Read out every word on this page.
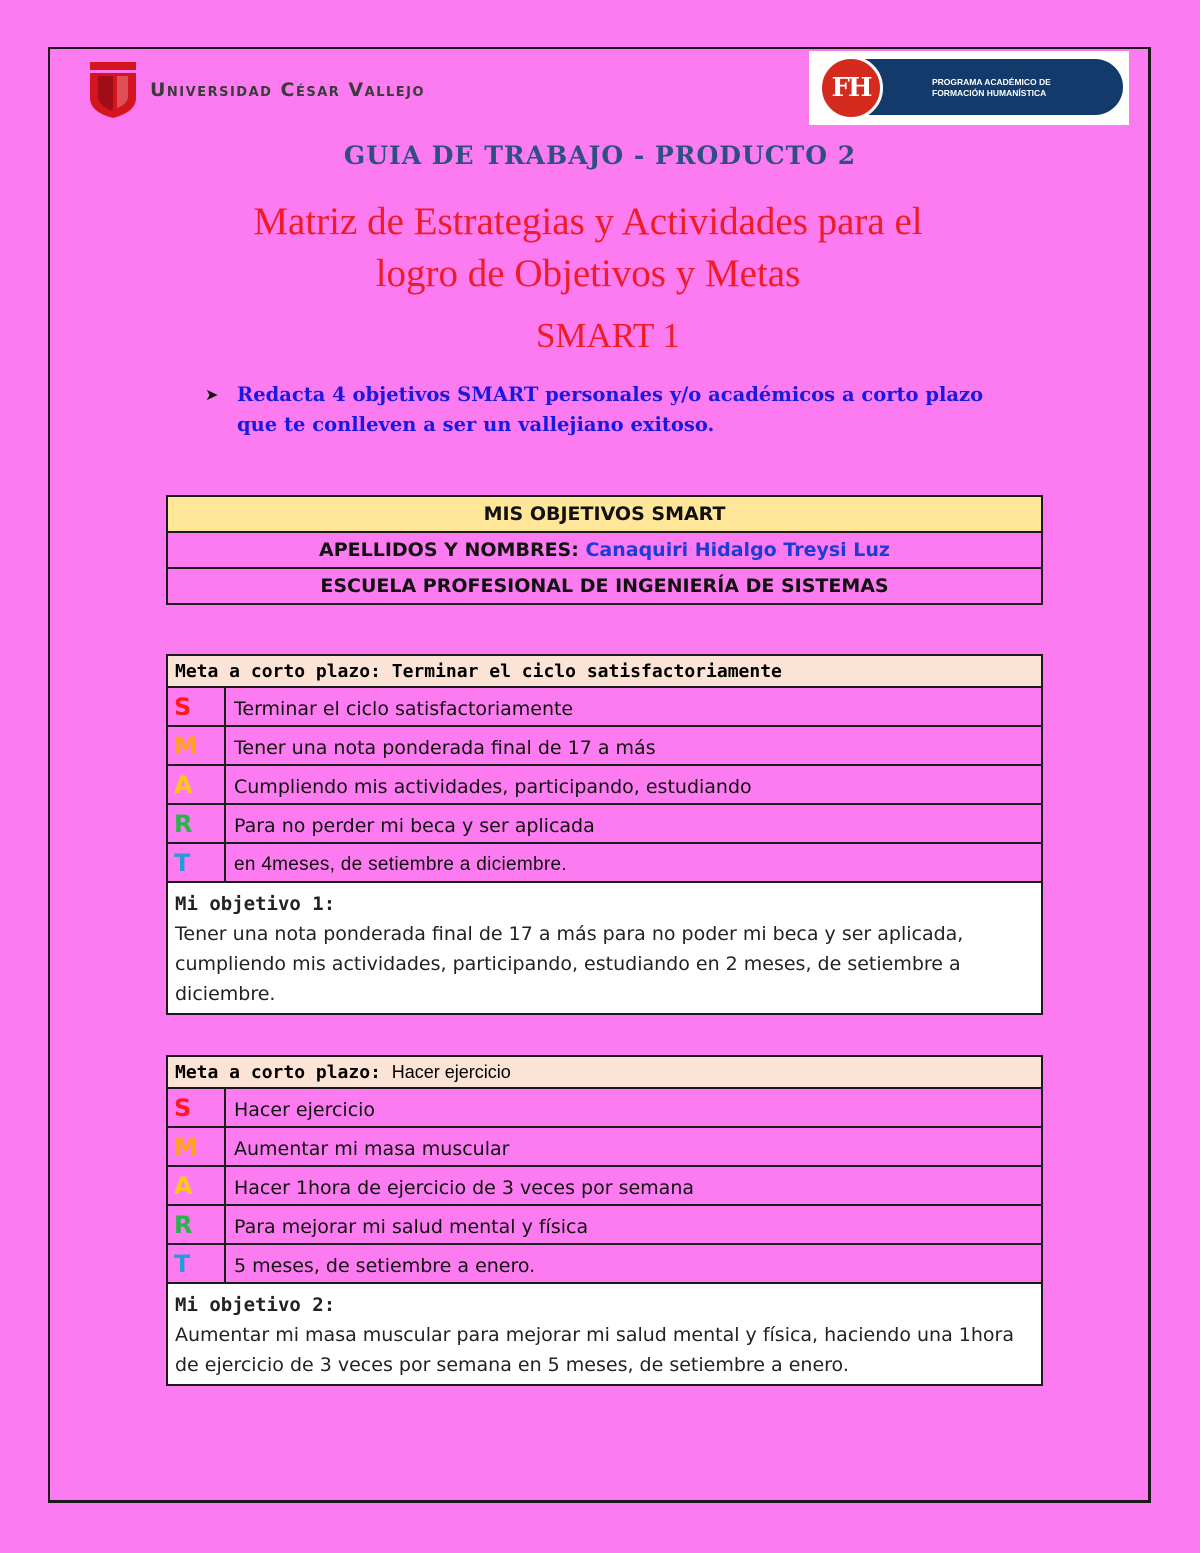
Universidad César Vallejo	FH	PROGRAMA ACADÉMICO DE
FORMACIÓN HUMANÍSTICA
GUIA DE TRABAJO - PRODUCTO 2
Matriz de Estrategias y Actividades para el
logro de Objetivos y Metas
SMART 1
➤ Redacta 4 objetivos SMART personales y/o académicos a corto plazo que te conlleven a ser un vallejiano exitoso.
MIS OBJETIVOS SMART
APELLIDOS Y NOMBRES: Canaquiri Hidalgo Treysi Luz
ESCUELA PROFESIONAL DE INGENIERÍA DE SISTEMAS
Meta a corto plazo: Terminar el ciclo satisfactoriamente	
S	Terminar el ciclo satisfactoriamente
M	Tener una nota ponderada final de 17 a más
A	Cumpliendo mis actividades, participando, estudiando
R	Para no perder mi beca y ser aplicada
T	en 4meses, de setiembre a diciembre.
Mi objetivo 1:
Tener una nota ponderada final de 17 a más para no poder mi beca y ser aplicada, cumpliendo mis actividades, participando, estudiando en 2 meses, de setiembre a diciembre.	
Meta a corto plazo: Hacer ejercicio	
S	Hacer ejercicio
M	Aumentar mi masa muscular
A	Hacer 1hora de ejercicio de 3 veces por semana
R	Para mejorar mi salud mental y física
T	5 meses, de setiembre a enero.
Mi objetivo 2:
Aumentar mi masa muscular para mejorar mi salud mental y física, haciendo una 1hora de ejercicio de 3 veces por semana en 5 meses, de setiembre a enero.	
